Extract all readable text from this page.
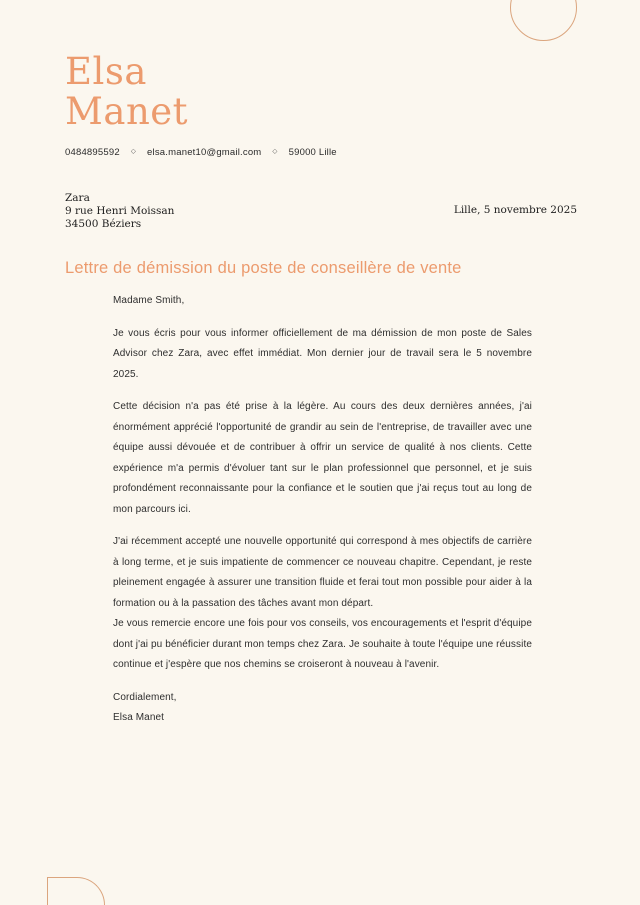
Elsa
Manet
0484895592 ◇ elsa.manet10@gmail.com ◇ 59000 Lille
Zara
9 rue Henri Moissan
34500 Béziers
Lille, 5 novembre 2025
Lettre de démission du poste de conseillère de vente

Madame Smith,

Je vous écris pour vous informer officiellement de ma démission de mon poste de Sales Advisor chez Zara, avec effet immédiat. Mon dernier jour de travail sera le 5 novembre 2025.

Cette décision n'a pas été prise à la légère. Au cours des deux dernières années, j'ai énormément apprécié l'opportunité de grandir au sein de l'entreprise, de travailler avec une équipe aussi dévouée et de contribuer à offrir un service de qualité à nos clients. Cette expérience m'a permis d'évoluer tant sur le plan professionnel que personnel, et je suis profondément reconnaissante pour la confiance et le soutien que j'ai reçus tout au long de mon parcours ici.

J'ai récemment accepté une nouvelle opportunité qui correspond à mes objectifs de carrière à long terme, et je suis impatiente de commencer ce nouveau chapitre. Cependant, je reste pleinement engagée à assurer une transition fluide et ferai tout mon possible pour aider à la formation ou à la passation des tâches avant mon départ.

Je vous remercie encore une fois pour vos conseils, vos encouragements et l'esprit d'équipe dont j'ai pu bénéficier durant mon temps chez Zara. Je souhaite à toute l'équipe une réussite continue et j'espère que nos chemins se croiseront à nouveau à l'avenir.

Cordialement,
Elsa Manet
